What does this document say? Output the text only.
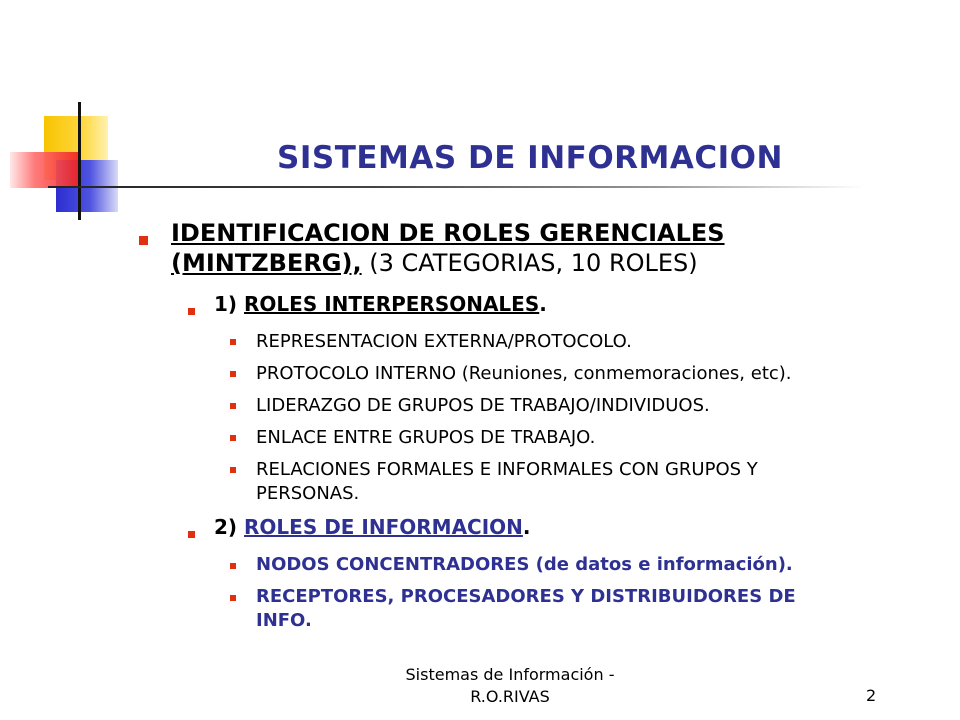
SISTEMAS DE INFORMACION
IDENTIFICACION DE ROLES GERENCIALES
(MINTZBERG), (3 CATEGORIAS, 10 ROLES)
1) ROLES INTERPERSONALES.
REPRESENTACION EXTERNA/PROTOCOLO.
PROTOCOLO INTERNO (Reuniones, conmemoraciones, etc).
LIDERAZGO DE GRUPOS DE TRABAJO/INDIVIDUOS.
ENLACE ENTRE GRUPOS DE TRABAJO.
RELACIONES FORMALES E INFORMALES CON GRUPOS Y
PERSONAS.
2) ROLES DE INFORMACION.
NODOS CONCENTRADORES (de datos e información).
RECEPTORES, PROCESADORES Y DISTRIBUIDORES DE
INFO.
Sistemas de Información -
R.O.RIVAS	2
